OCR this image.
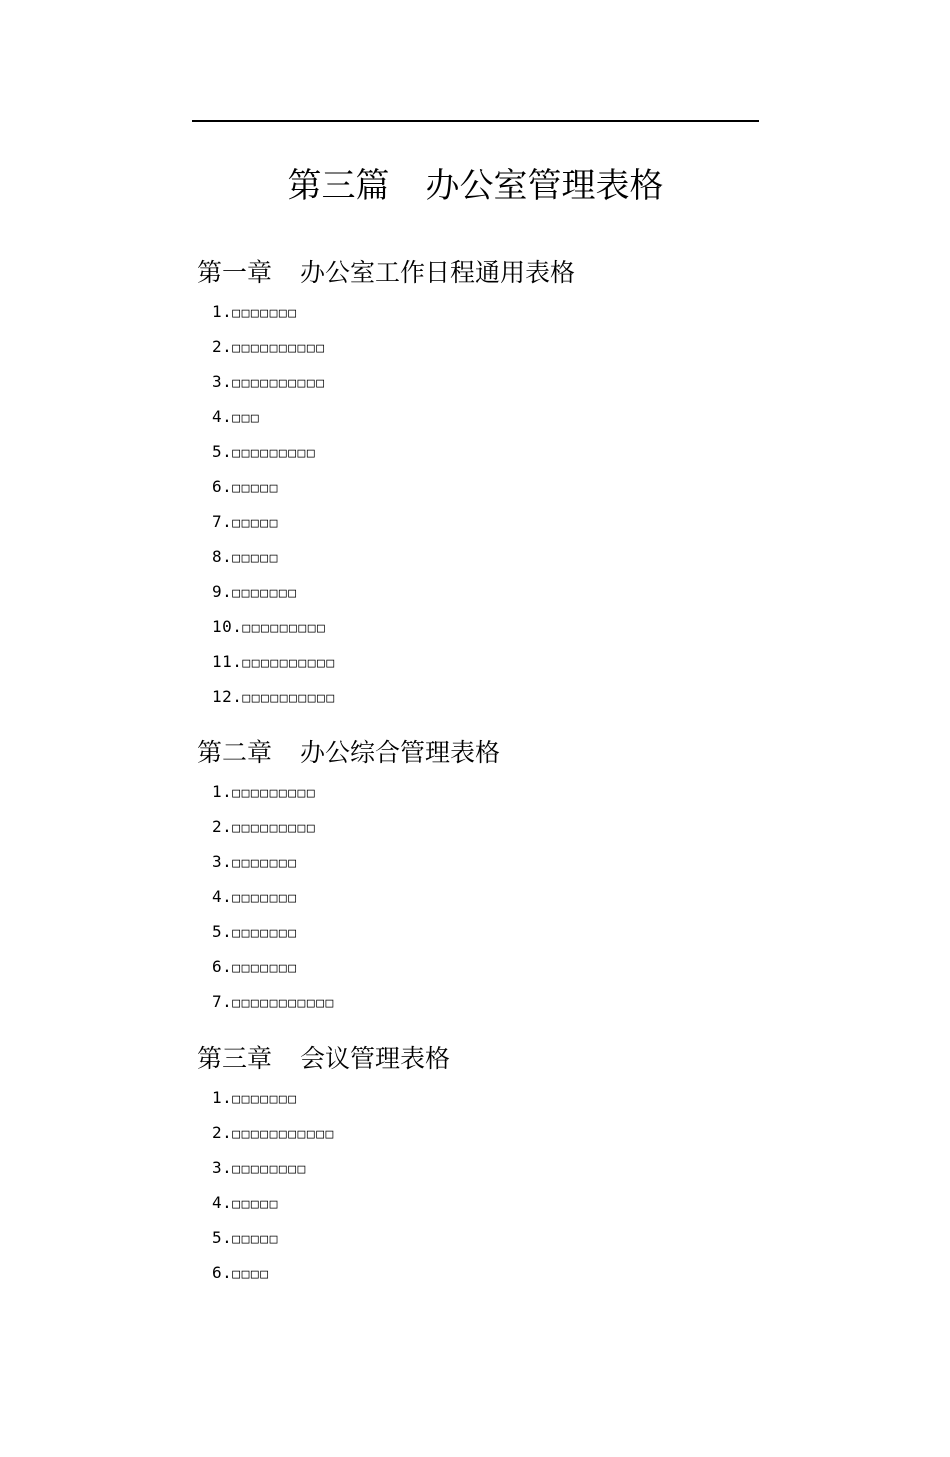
第三篇 办公室管理表格
第一章 办公室工作日程通用表格
1.□□□□□□□
2.□□□□□□□□□□
3.□□□□□□□□□□
4.□□□
5.□□□□□□□□□
6.□□□□□
7.□□□□□
8.□□□□□
9.□□□□□□□
10.□□□□□□□□□
11.□□□□□□□□□□
12.□□□□□□□□□□
第二章 办公综合管理表格
1.□□□□□□□□□
2.□□□□□□□□□
3.□□□□□□□
4.□□□□□□□
5.□□□□□□□
6.□□□□□□□
7.□□□□□□□□□□□
第三章 会议管理表格
1.□□□□□□□
2.□□□□□□□□□□□
3.□□□□□□□□
4.□□□□□
5.□□□□□
6.□□□□
